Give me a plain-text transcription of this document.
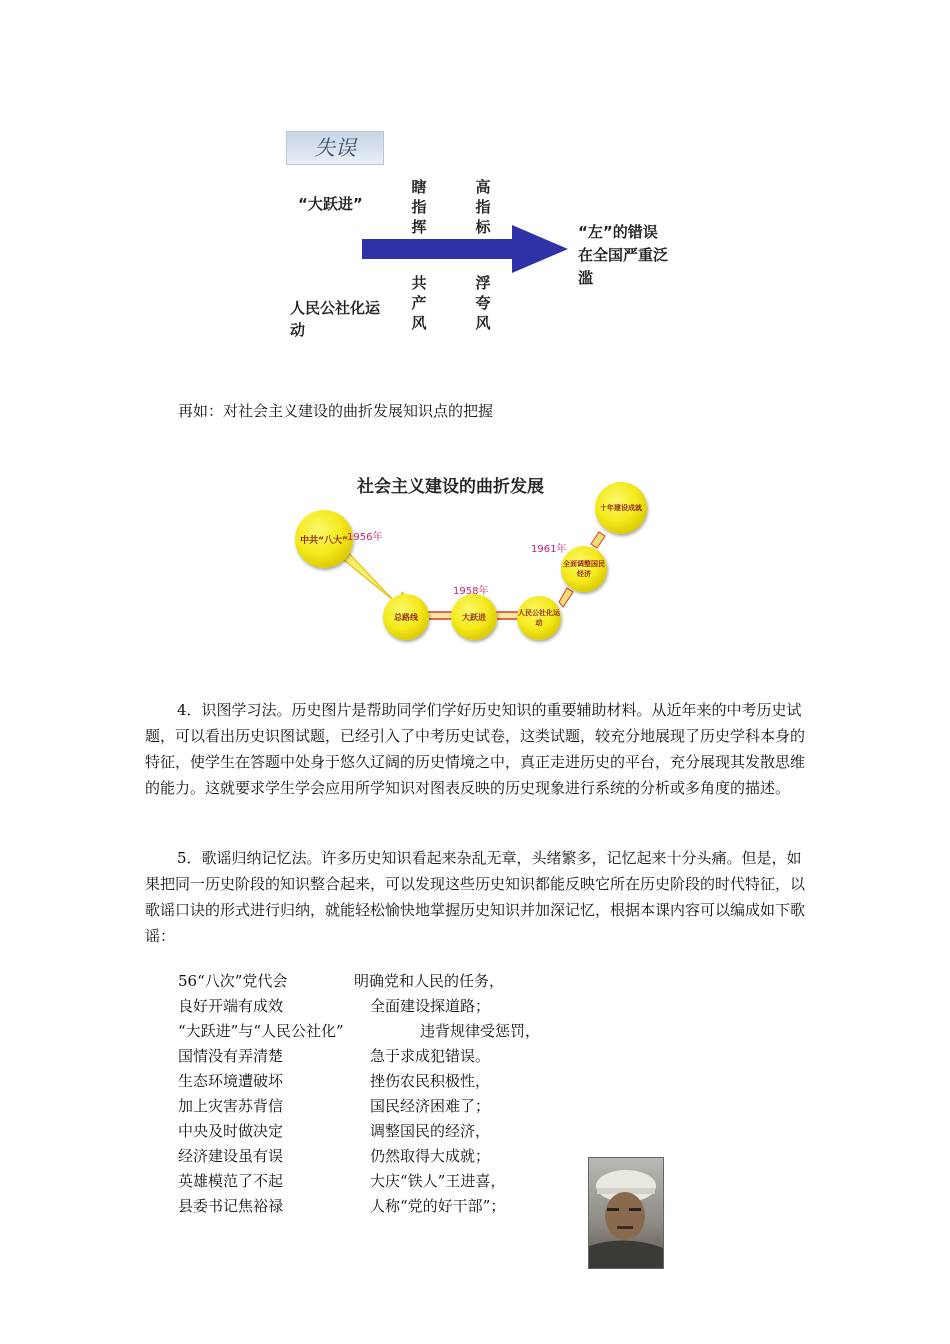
失误
“大跃进”
人民公社化运动
瞎指挥
高指标
共产风
浮夸风
“左”的错误在全国严重泛滥
再如：对社会主义建设的曲折发展知识点的把握
社会主义建设的曲折发展
中共“八大”
总路线	大跃进	人民公社化运动
全面调整国民经济
十年建设成就
1956年
1958年
1961年
4．识图学习法。历史图片是帮助同学们学好历史知识的重要辅助材料。从近年来的中考历史试题，可以看出历史识图试题，已经引入了中考历史试卷，这类试题，较充分地展现了历史学科本身的特征，使学生在答题中处身于悠久辽阔的历史情境之中，真正走进历史的平台，充分展现其发散思维的能力。这就要求学生学会应用所学知识对图表反映的历史现象进行系统的分析或多角度的描述。
5．歌谣归纳记忆法。许多历史知识看起来杂乱无章，头绪繁多，记忆起来十分头痛。但是，如果把同一历史阶段的知识整合起来，可以发现这些历史知识都能反映它所在历史阶段的时代特征，以歌谣口诀的形式进行归纳，就能轻松愉快地掌握历史知识并加深记忆，根据本课内容可以编成如下歌谣：
56“八次”党代会	明确党和人民的任务，
良好开端有成效	全面建设探道路；
“大跃进”与“人民公社化”	违背规律受惩罚，
国情没有弄清楚	急于求成犯错误。
生态环境遭破坏	挫伤农民积极性，
加上灾害苏背信	国民经济困难了；
中央及时做决定	调整国民的经济，
经济建设虽有误	仍然取得大成就；
英雄模范了不起	大庆“铁人”王进喜，
县委书记焦裕禄	人称“党的好干部”；
